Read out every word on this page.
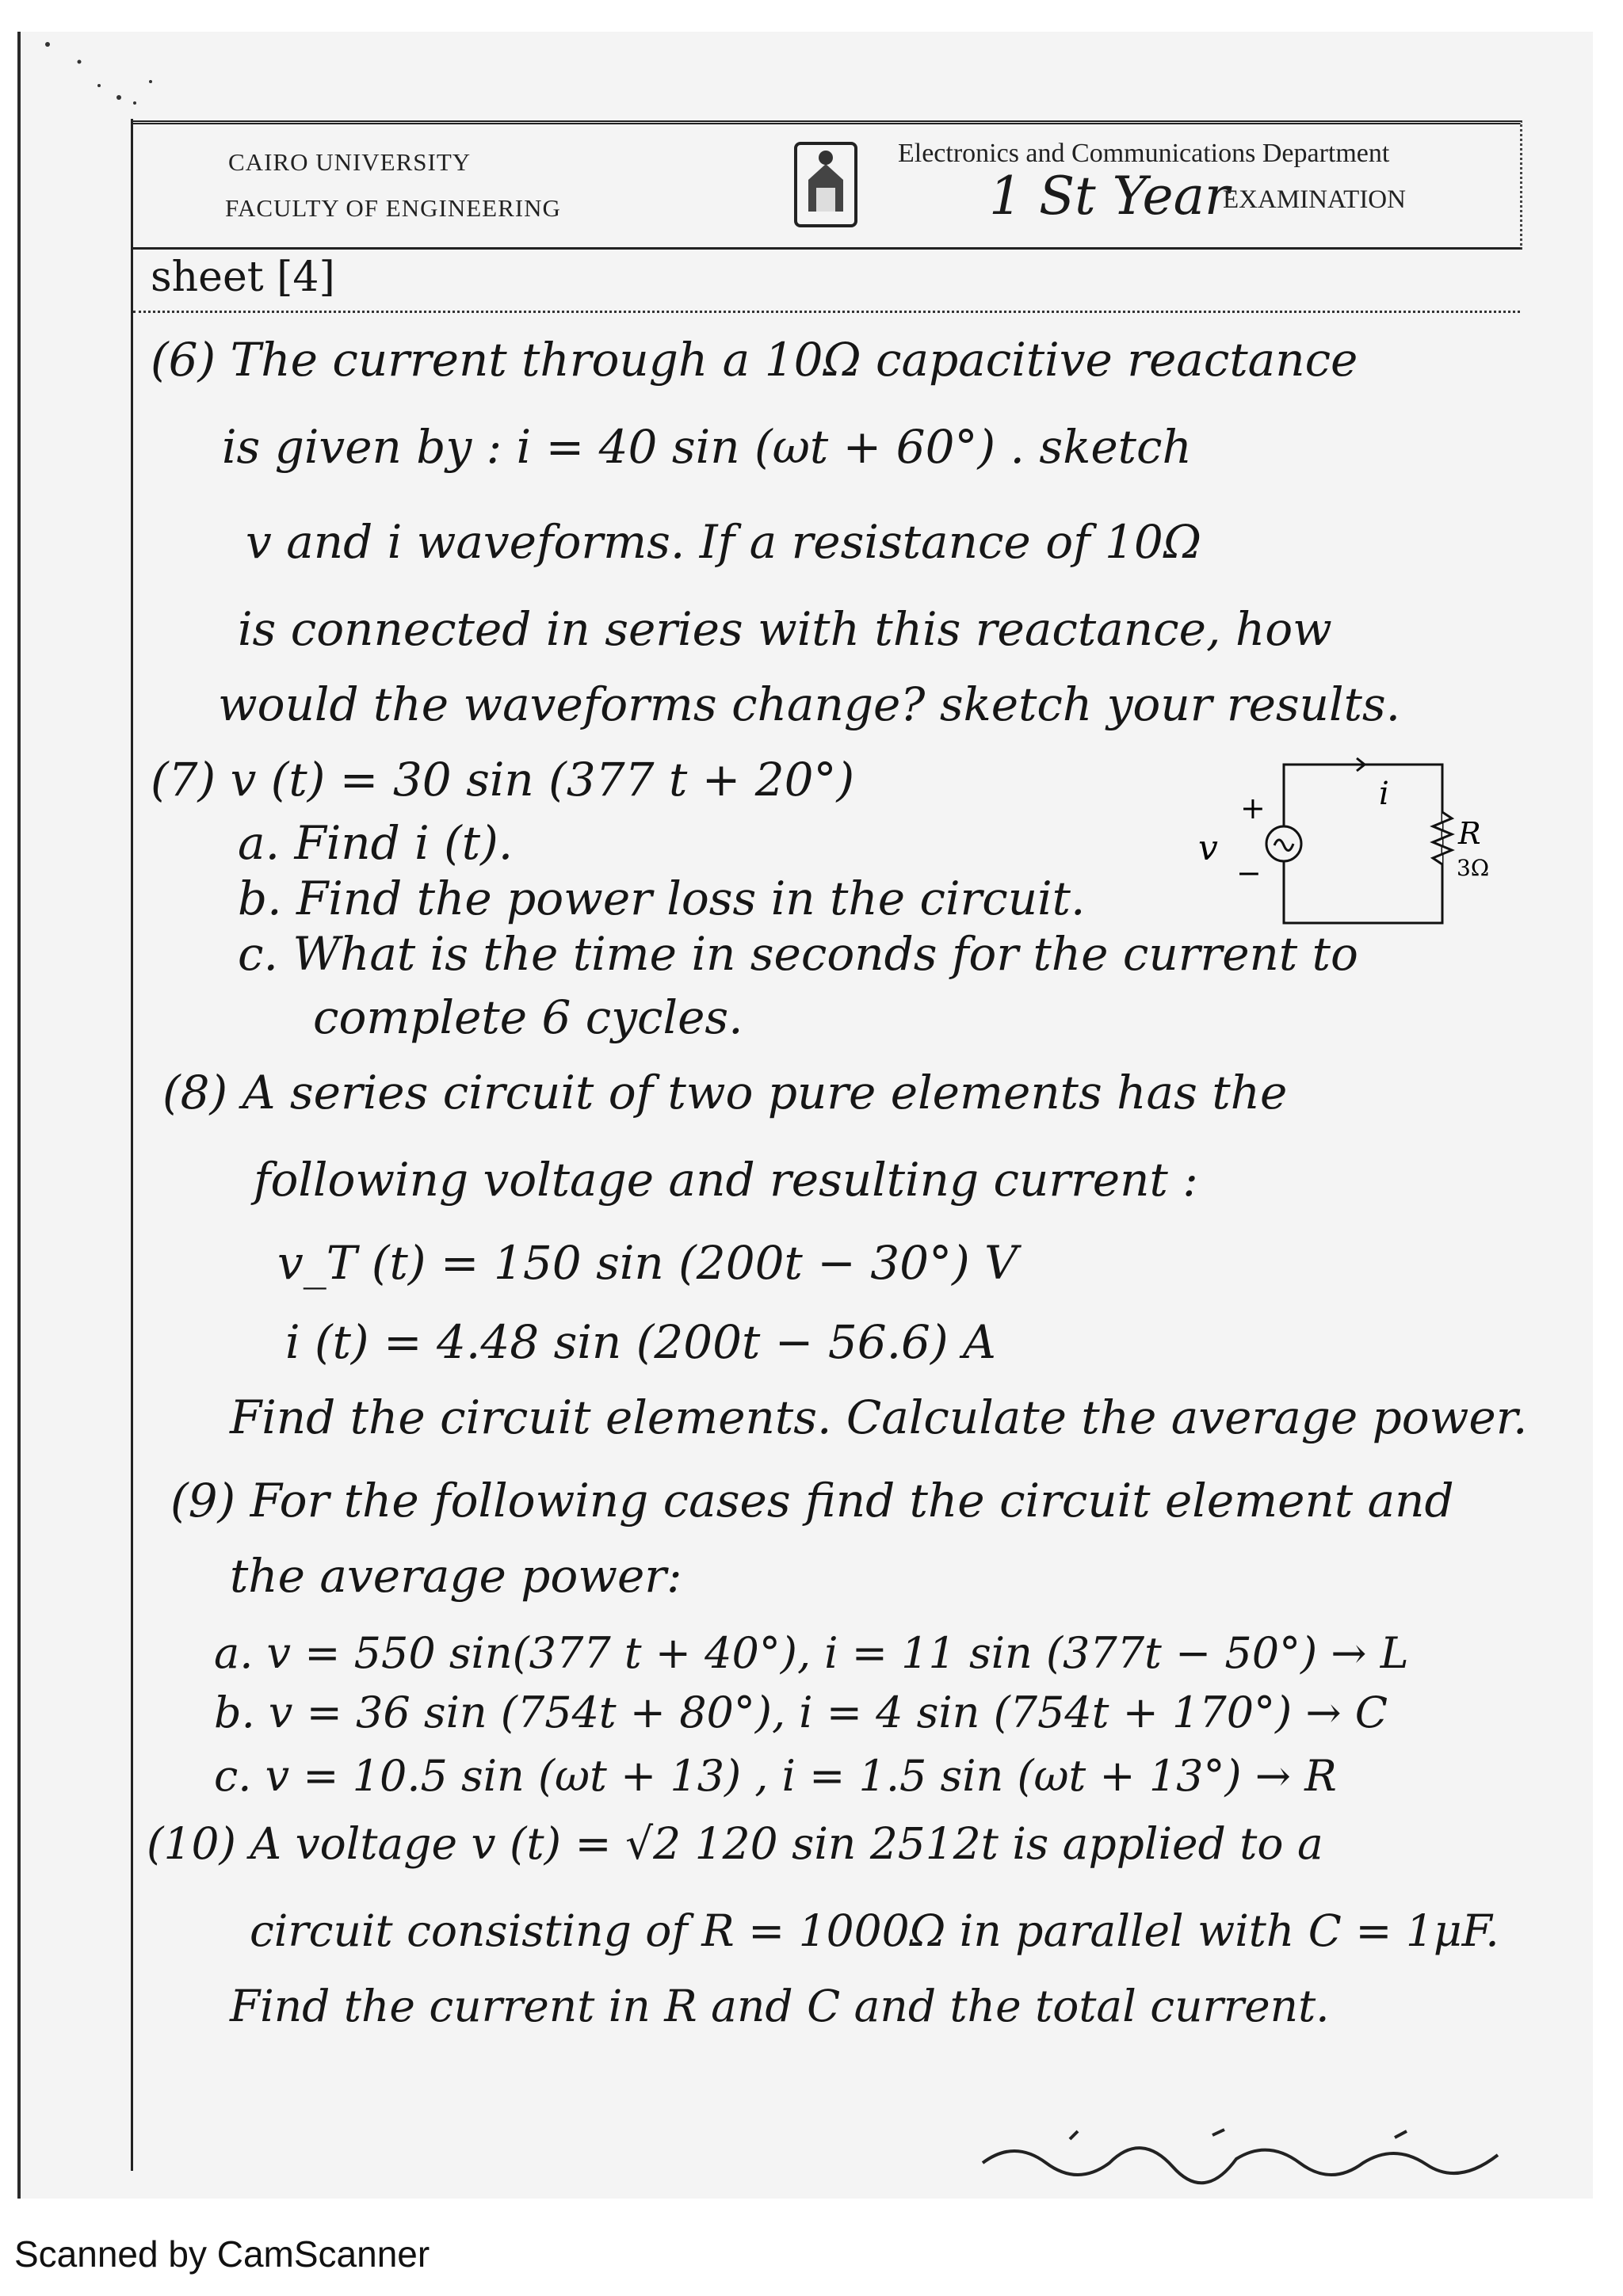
CAIRO UNIVERSITY
FACULTY OF ENGINEERING
Electronics and Communications Department
1 St Year
EXAMINATION
sheet [4]
(6) The current through a 10Ω capacitive reactance
is given by : i = 40 sin (ωt + 60°) . sketch
v and i waveforms. If a resistance of 10Ω
is connected in series with this reactance, how
would the waveforms change? sketch your results.
(7) v (t) = 30 sin (377 t + 20°)
a. Find i (t).
b. Find the power loss in the circuit.
c. What is the time in seconds for the current to
complete 6 cycles.
i
+
−
v	R
3Ω
(8) A series circuit of two pure elements has the
following voltage and resulting current :
v_T (t) = 150 sin (200t − 30°) V
i (t) = 4.48 sin (200t − 56.6) A
Find the circuit elements. Calculate the average power.
(9) For the following cases find the circuit element and
the average power:
a. v = 550 sin(377 t + 40°), i = 11 sin (377t − 50°) → L
b. v = 36 sin (754t + 80°), i = 4 sin (754t + 170°) → C
c. v = 10.5 sin (ωt + 13) , i = 1.5 sin (ωt + 13°) → R
(10) A voltage v (t) = √2 120 sin 2512t is applied to a
circuit consisting of R = 1000Ω in parallel with C = 1μF.
Find the current in R and C and the total current.
Scanned by CamScanner
